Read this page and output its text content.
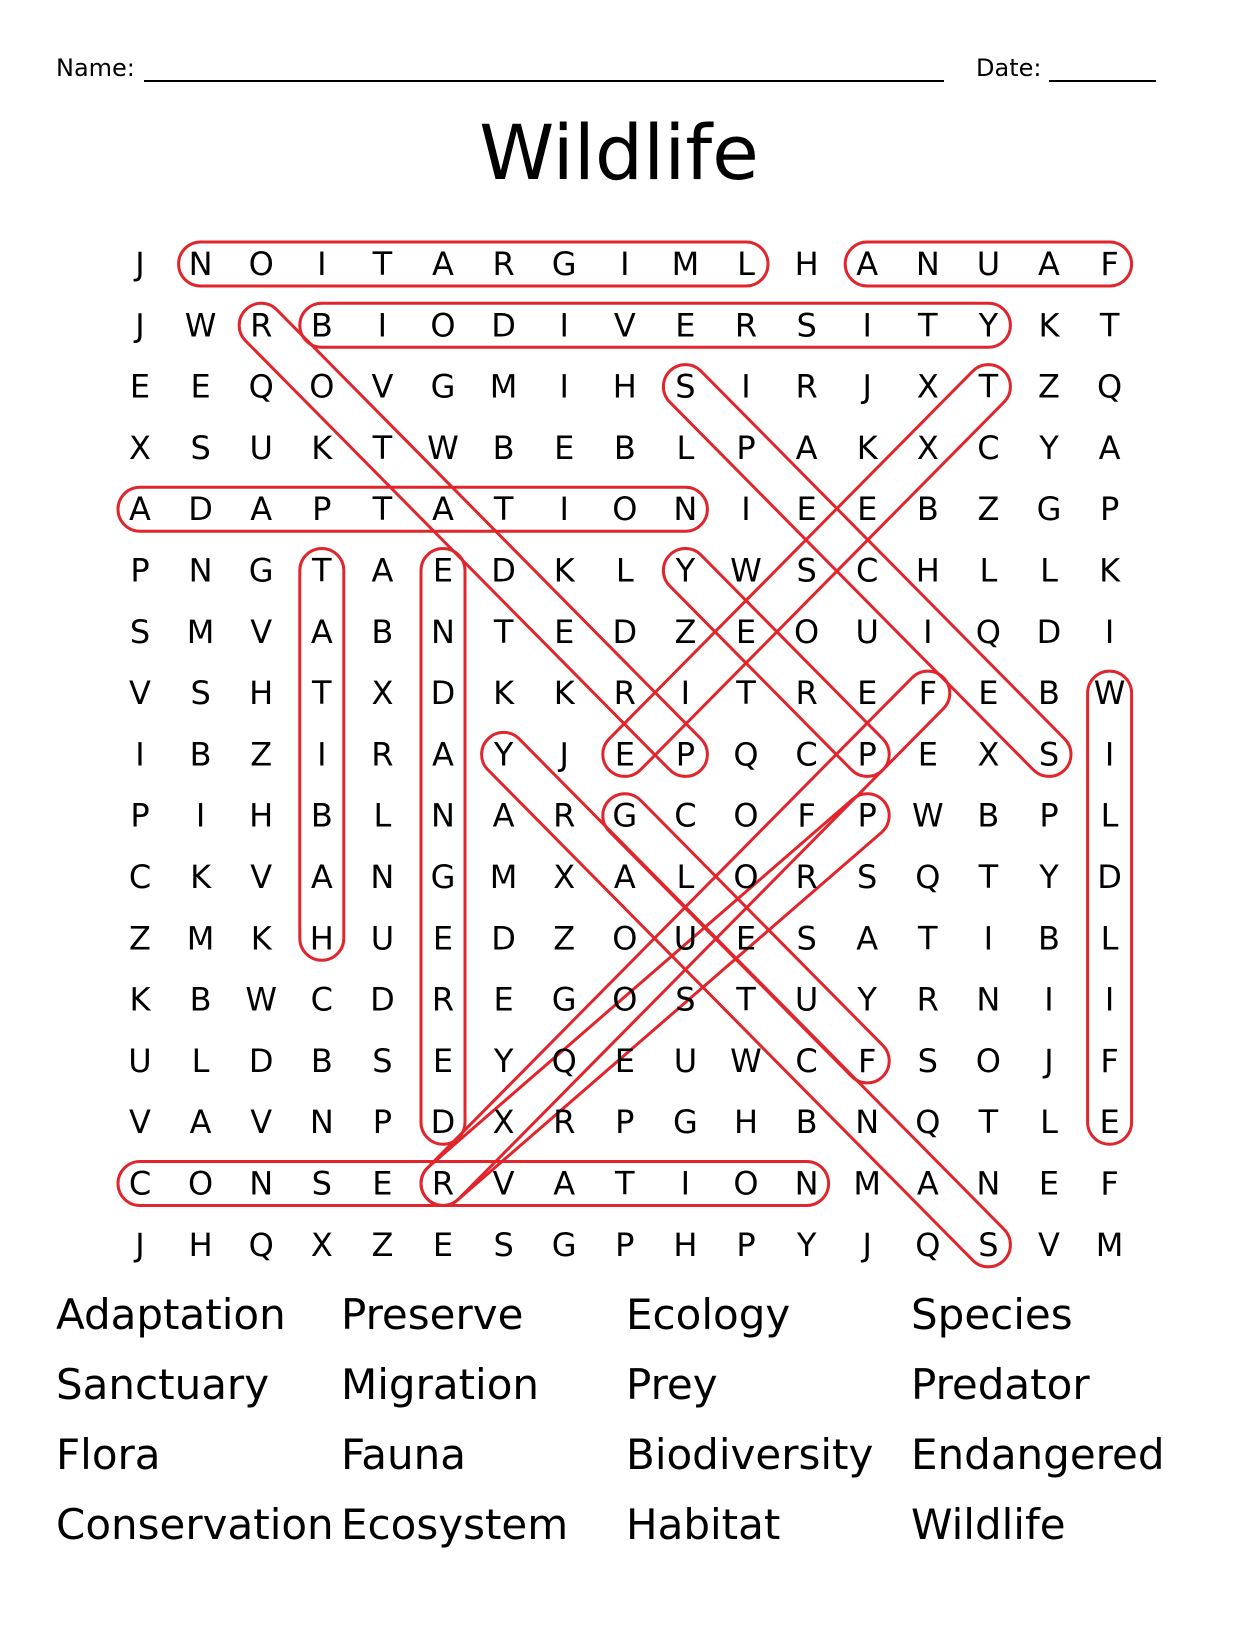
Name:	Date:
Wildlife
J N O I T A R G I M L H A N U A F
J W R B I O D I V E R S I T Y K T
E E Q O V G M I H S I R J X T Z Q
X S U K T W B E B L P A K X C Y A
A D A P T A T I O N I E E B Z G P
P N G T A E D K L Y W S C H L L K
S M V A B N T E D Z E O U I Q D I
V S H T X D K K R I T R E F E B W
I B Z I R A Y J E P Q C P E X S I
P I H B L N A R G C O F P W B P L
C K V A N G M X A L O R S Q T Y D
Z M K H U E D Z O U E S A T I B L
K B W C D R E G O S T U Y R N I I
U L D B S E Y Q E U W C F S O J F
V A V N P D X R P G H B N Q T L E
C O N S E R V A T I O N M A N E F
J H Q X Z E S G P H P Y J Q S V M
Adaptation	Preserve	Ecology	Species
Sanctuary	Migration	Prey	Predator
Flora	Fauna	Biodiversity Endangered
Conservation Ecosystem	Habitat	Wildlife
